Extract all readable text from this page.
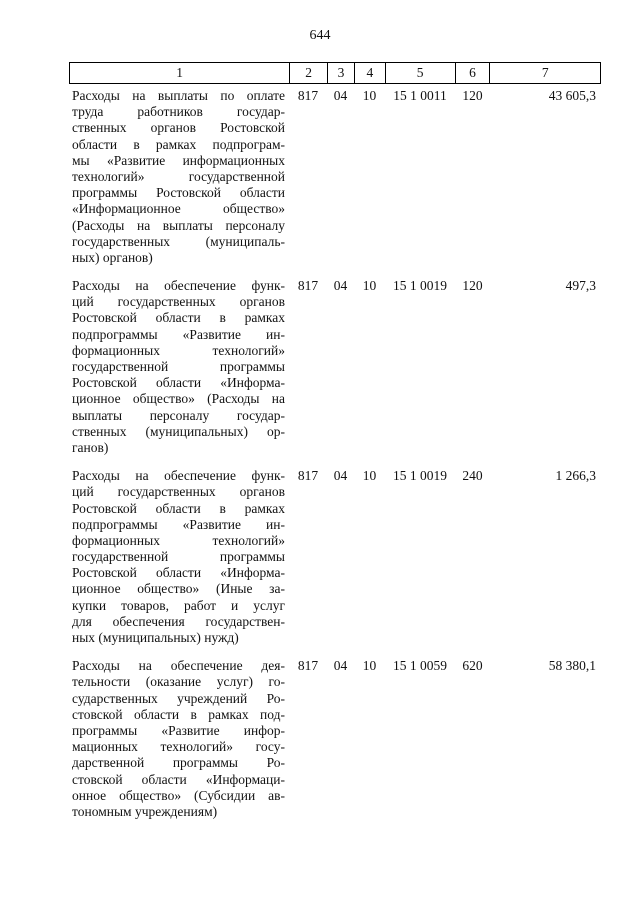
644
1	2	3	4	5	6	7
Расходы на выплаты по оплате
труда работников государ-
ственных органов Ростовской
области в рамках подпрограм-
мы «Развитие информационных
технологий» государственной
программы Ростовской области
«Информационное общество»
(Расходы на выплаты персоналу
государственных (муниципаль-
ных) органов)
817	04	10	15 1 0011	120	43 605,3
Расходы на обеспечение функ-
ций государственных органов
Ростовской области в рамках
подпрограммы «Развитие ин-
формационных технологий»
государственной программы
Ростовской области «Информа-
ционное общество» (Расходы на
выплаты персоналу государ-
ственных (муниципальных) ор-
ганов)
817	04	10	15 1 0019	120	497,3
Расходы на обеспечение функ-
ций государственных органов
Ростовской области в рамках
подпрограммы «Развитие ин-
формационных технологий»
государственной программы
Ростовской области «Информа-
ционное общество» (Иные за-
купки товаров, работ и услуг
для обеспечения государствен-
ных (муниципальных) нужд)
817	04	10	15 1 0019	240	1 266,3
Расходы на обеспечение дея-
тельности (оказание услуг) го-
сударственных учреждений Ро-
стовской области в рамках под-
программы «Развитие инфор-
мационных технологий» госу-
дарственной программы Ро-
стовской области «Информаци-
онное общество» (Субсидии ав-
тономным учреждениям)
817	04	10	15 1 0059	620	58 380,1
